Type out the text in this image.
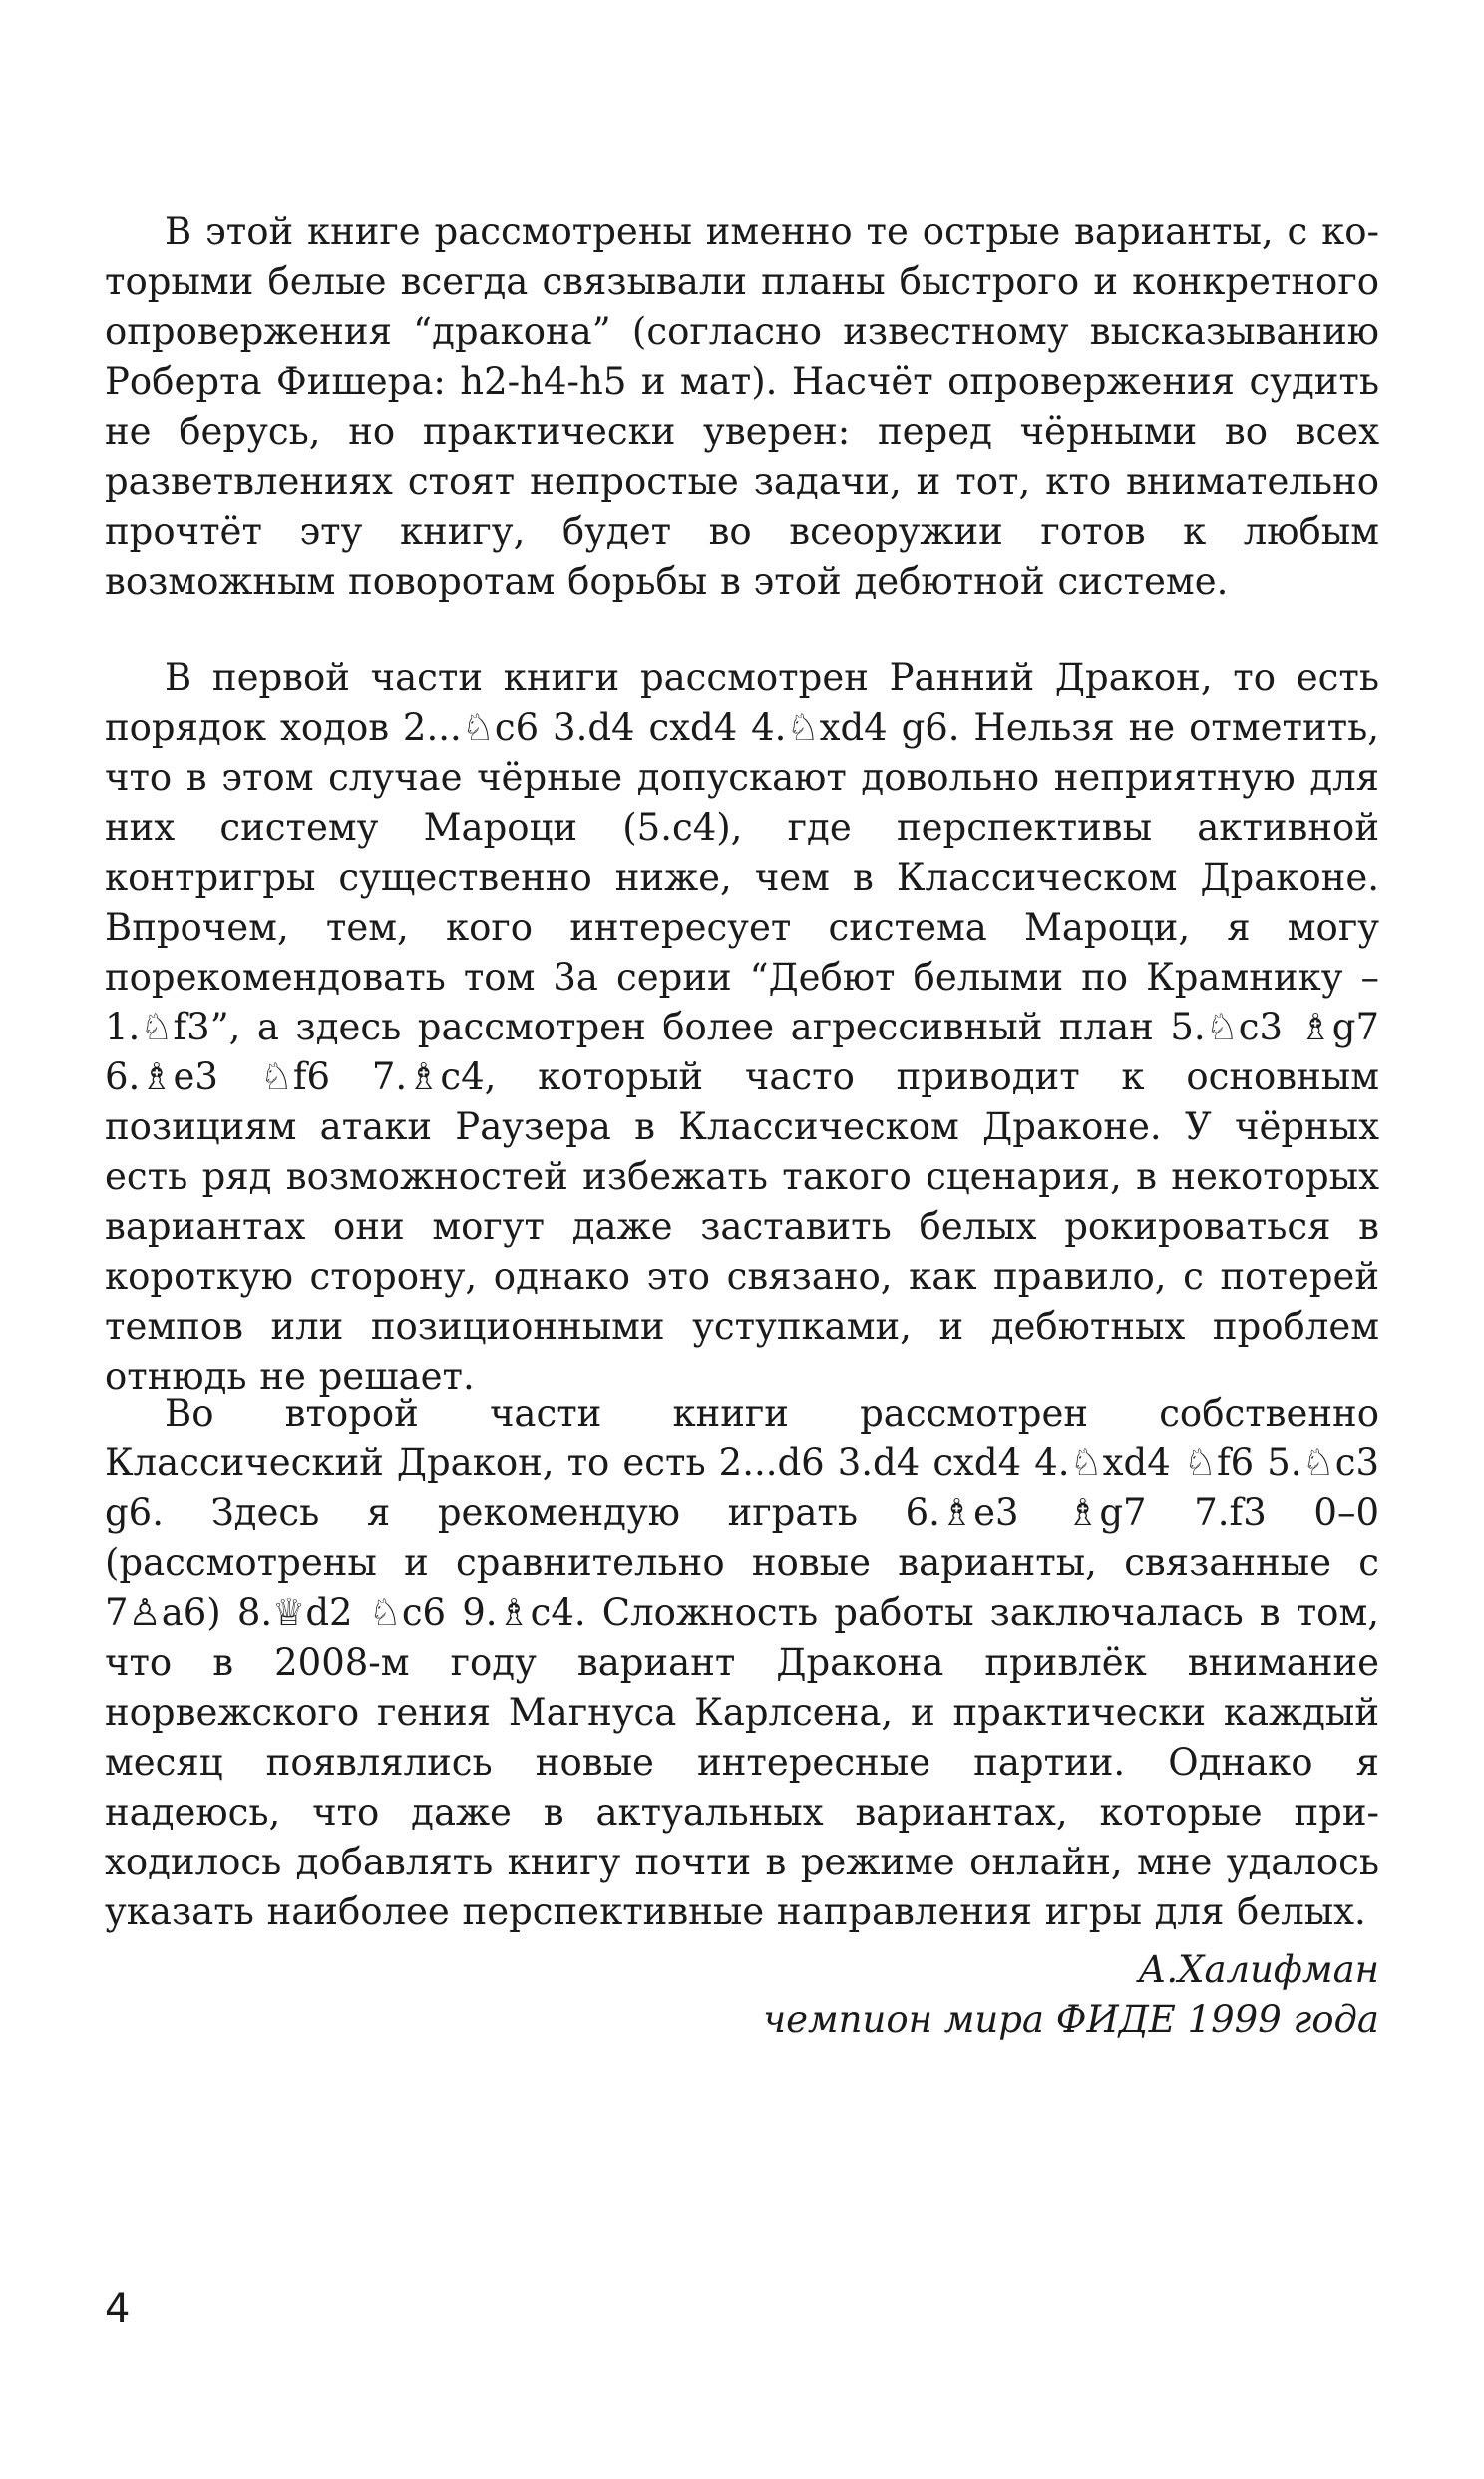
В этой книге рассмотрены именно те острые варианты, с которыми белые всегда связывали планы быстрого и конкретного опровержения “дракона” (согласно известному высказыванию Роберта Фишера: h2-h4-h5 и мат). Насчёт опровержения судить не берусь, но практически уверен: перед чёрными во всех разветвлениях стоят непростые задачи, и тот, кто внимательно прочтёт эту книгу, будет во всеоружии готов к любым возможным поворотам борьбы в этой дебютной системе.

В первой части книги рассмотрен Ранний Дракон, то есть порядок ходов 2...♘c6 3.d4 cxd4 4.♘xd4 g6. Нельзя не отметить, что в этом случае чёрные допускают довольно неприятную для них систему Мароци (5.c4), где перспективы активной контригры существенно ниже, чем в Классическом Драконе. Впрочем, тем, кого интересует система Мароци, я могу порекомендовать том 3а серии “Дебют белыми по Крамнику – 1.♘f3”, а здесь рассмотрен более агрессивный план 5.♘c3 ♗g7 6.♗e3 ♘f6 7.♗c4, который часто приводит к основным позициям атаки Раузера в Классическом Драконе. У чёрных есть ряд возможностей избежать такого сценария, в некоторых вариантах они могут даже заставить белых рокироваться в короткую сторону, однако это связано, как правило, с потерей темпов или позиционными уступками, и дебютных проблем отнюдь не решает.

Во второй части книги рассмотрен собственно Классический Дракон, то есть 2...d6 3.d4 cxd4 4.♘xd4 ♘f6 5.♘c3 g6. Здесь я рекомендую играть 6.♗e3 ♗g7 7.f3 0–0 (рассмотрены и сравнительно новые варианты, связанные с 7♙a6) 8.♕d2 ♘c6 9.♗c4. Сложность работы заключалась в том, что в 2008-м году вариант Дракона привлёк внимание норвежского гения Магнуса Карлсена, и практически каждый месяц появлялись новые интересные партии. Однако я надеюсь, что даже в актуальных вариантах, которые приходилось добавлять книгу почти в режиме онлайн, мне удалось указать наиболее перспективные направления игры для белых.

А.Халифман

чемпион мира ФИДЕ 1999 года

4
